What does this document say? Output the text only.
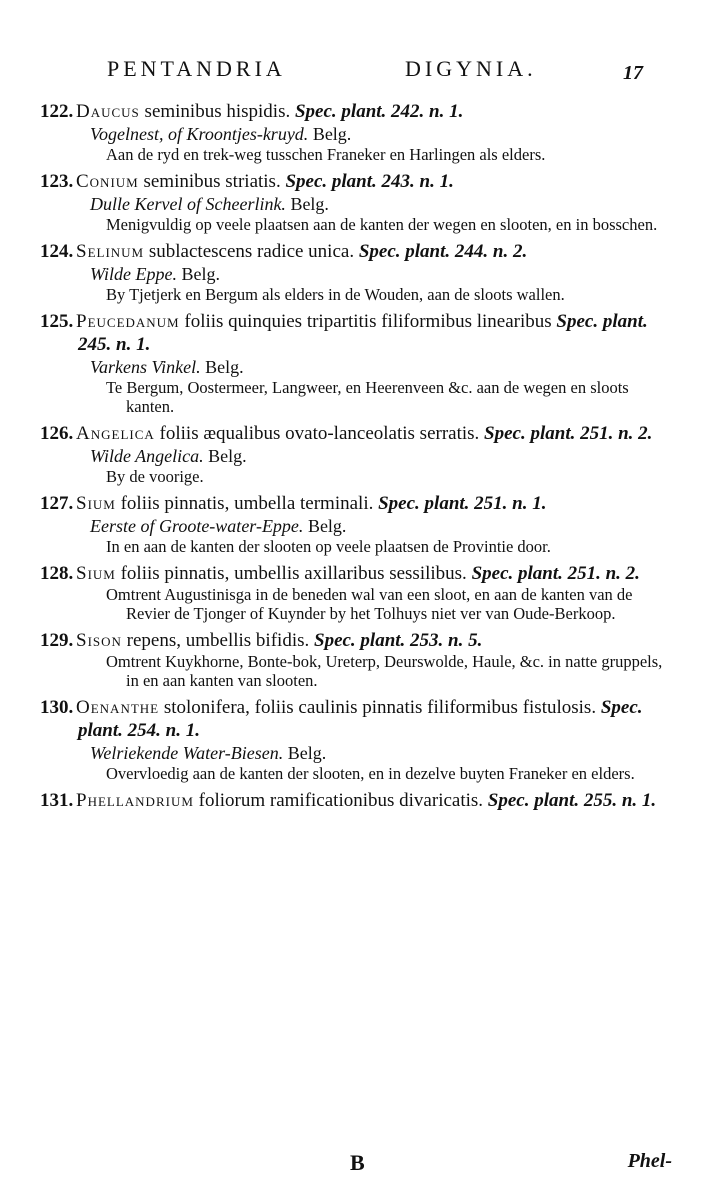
PENTANDRIA	DIGYNIA.	17
122. Daucus seminibus hispidis. Spec. plant. 242. n. 1.
Vogelnest, of Kroontjes-kruyd. Belg.
Aan de ryd en trek-weg tusschen Franeker en Harlingen als elders.
123. Conium seminibus striatis. Spec. plant. 243. n. 1.
Dulle Kervel of Scheerlink. Belg.
Menigvuldig op veele plaatsen aan de kanten der wegen en slooten, en in bosschen.
124. Selinum sublactescens radice unica. Spec. plant. 244. n. 2.
Wilde Eppe. Belg.
By Tjetjerk en Bergum als elders in de Wouden, aan de sloots wallen.
125. Peucedanum foliis quinquies tripartitis filiformibus linearibus Spec. plant. 245. n. 1.
Varkens Vinkel. Belg.
Te Bergum, Oostermeer, Langweer, en Heerenveen &c. aan de wegen en sloots kanten.
126. Angelica foliis æqualibus ovato-lanceolatis serratis. Spec. plant. 251. n. 2.
Wilde Angelica. Belg.
By de voorige.
127. Sium foliis pinnatis, umbella terminali. Spec. plant. 251. n. 1.
Eerste of Groote-water-Eppe. Belg.
In en aan de kanten der slooten op veele plaatsen de Provintie door.
128. Sium foliis pinnatis, umbellis axillaribus sessilibus. Spec. plant. 251. n. 2.
Omtrent Augustinisga in de beneden wal van een sloot, en aan de kanten van de Revier de Tjonger of Kuynder by het Tolhuys niet ver van Oude-Berkoop.
129. Sison repens, umbellis bifidis. Spec. plant. 253. n. 5.
Omtrent Kuykhorne, Bonte-bok, Ureterp, Deurswolde, Haule, &c. in natte gruppels, in en aan kanten van slooten.
130. Oenanthe stolonifera, foliis caulinis pinnatis filiformibus fistulosis. Spec. plant. 254. n. 1.
Welriekende Water-Biesen. Belg.
Overvloedig aan de kanten der slooten, en in dezelve buyten Franeker en elders.
131. Phellandrium foliorum ramificationibus divaricatis. Spec. plant. 255. n. 1.
B	Phel-
